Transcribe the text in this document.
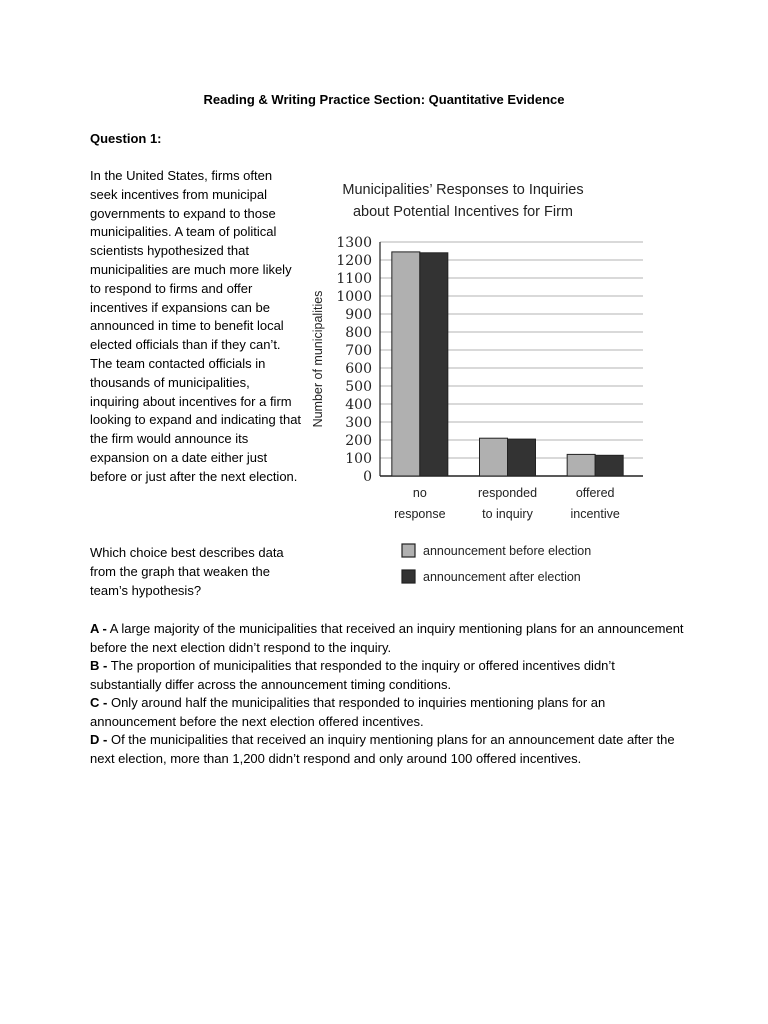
Reading & Writing Practice Section: Quantitative Evidence
Question 1:
In the United States, firms often seek incentives from municipal governments to expand to those municipalities. A team of political scientists hypothesized that municipalities are much more likely to respond to firms and offer incentives if expansions can be announced in time to benefit local elected officials than if they can’t. The team contacted officials in thousands of municipalities, inquiring about incentives for a firm looking to expand and indicating that the firm would announce its expansion on a date either just before or just after the next election.
Municipalities’ Responses to Inquiries
about Potential Incentives for Firm
0
100
200
300
400
500
600
700
800
900
1000
1100
1200
1300
no
response
responded
to inquiry
offered
incentive
Number of municipalities
announcement before election
announcement after election
Which choice best describes data from the graph that weaken the team’s hypothesis?

A - A large majority of the municipalities that received an inquiry mentioning plans for an announcement before the next election didn’t respond to the inquiry.

B - The proportion of municipalities that responded to the inquiry or offered incentives didn’t substantially differ across the announcement timing conditions.

C - Only around half the municipalities that responded to inquiries mentioning plans for an announcement before the next election offered incentives.

D - Of the municipalities that received an inquiry mentioning plans for an announcement date after the next election, more than 1,200 didn’t respond and only around 100 offered incentives.
